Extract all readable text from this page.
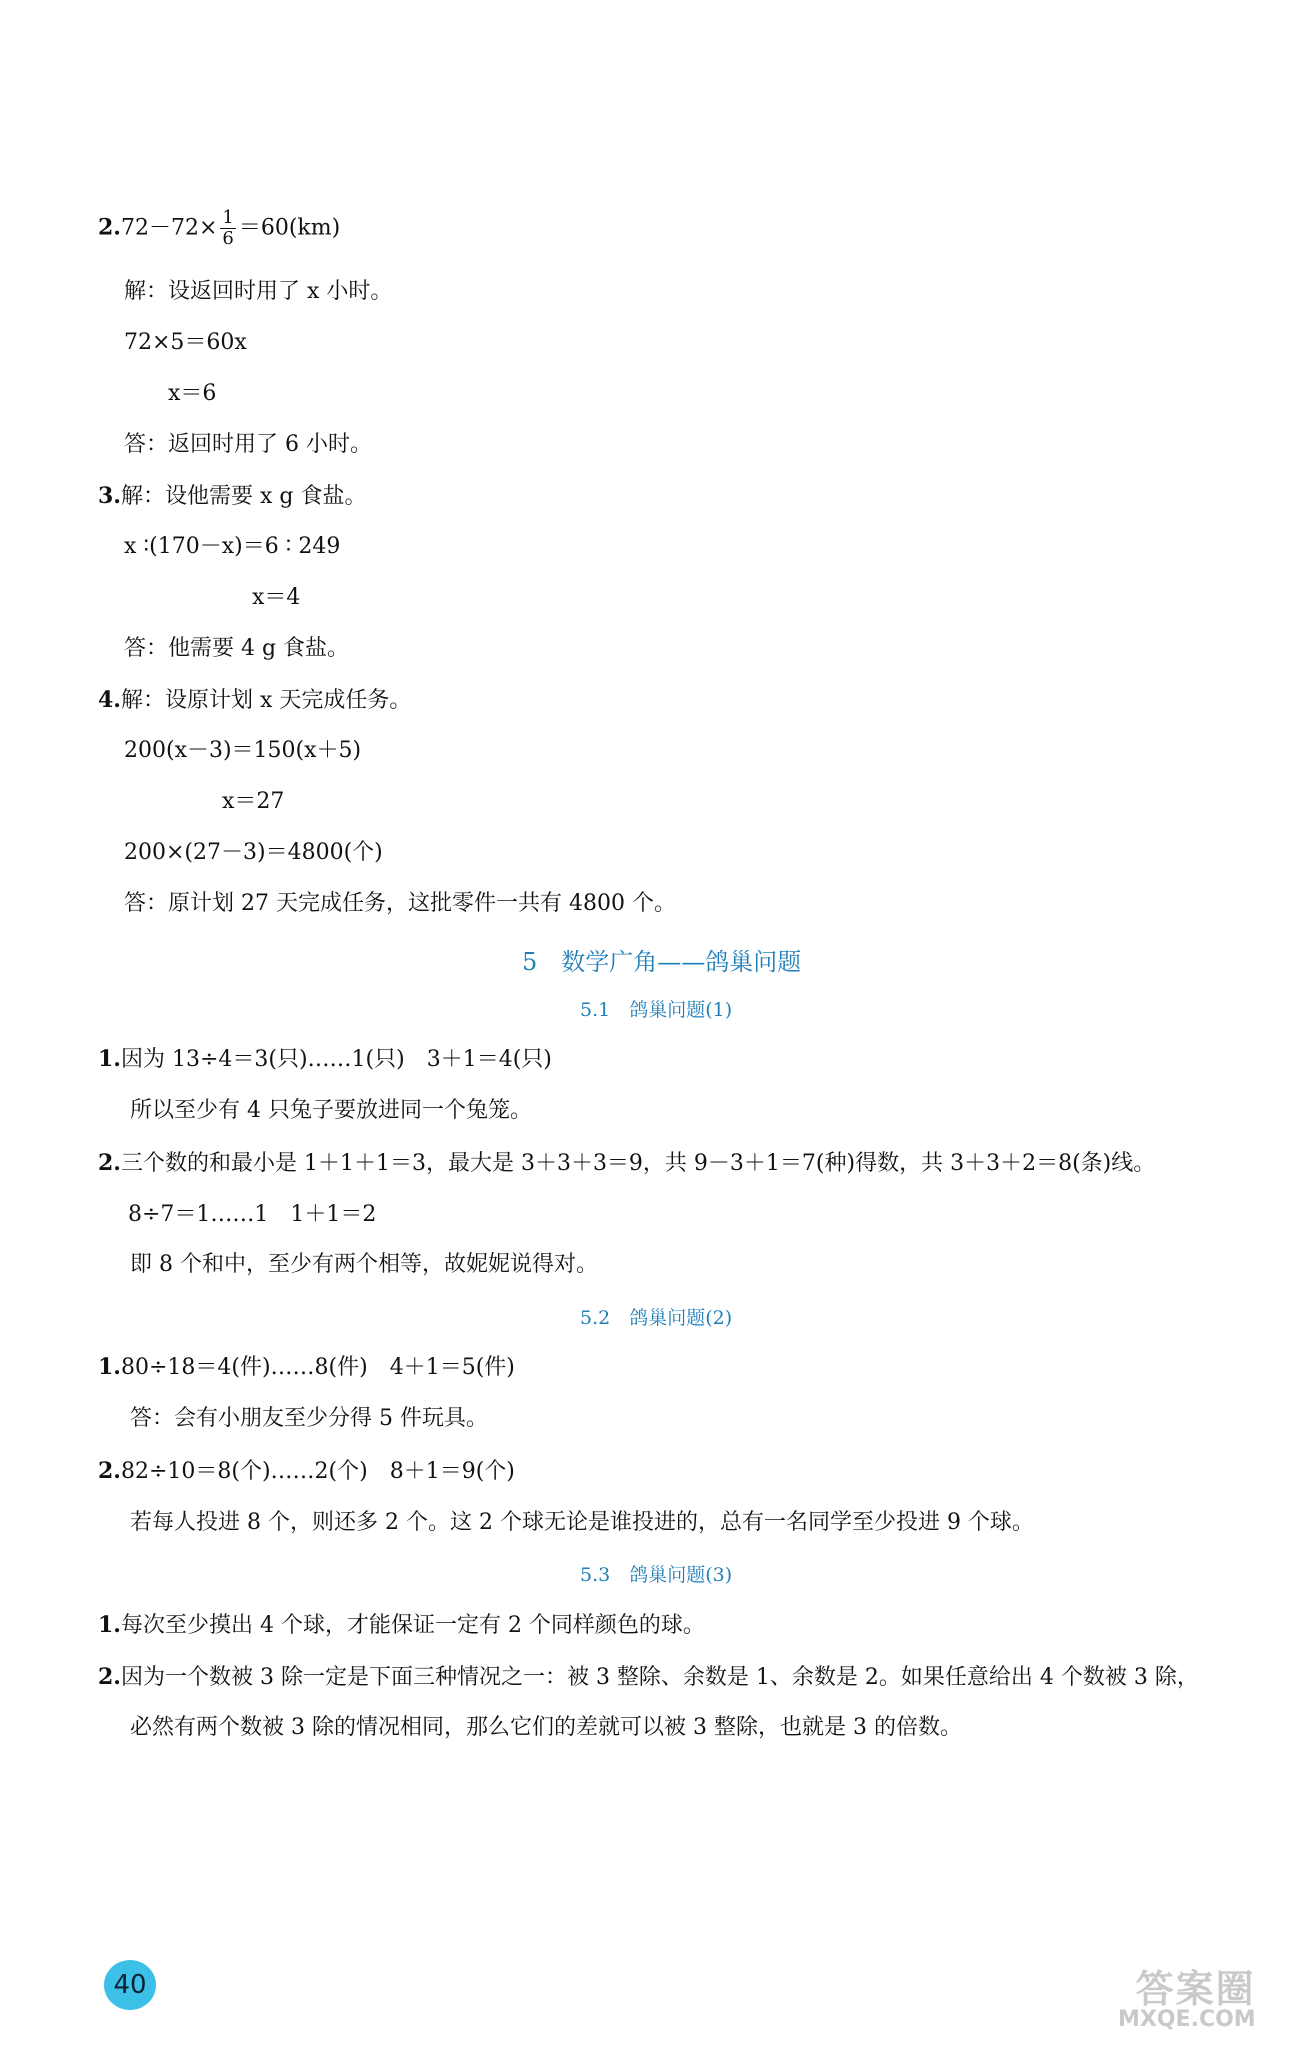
$2.72-72\times \frac{1}{6} =60(km)$
解：设返回时用了 x 小时。
72×5＝60x
x＝6
答：返回时用了 6 小时。
3.解：设他需要 x g 食盐。
x ∶(170－x)＝6 ∶ 249
x＝4
答：他需要 4 g 食盐。
4.解：设原计划 x 天完成任务。
200(x－3)＝150(x＋5)
x＝27
200×(27－3)＝4800(个)
答：原计划 27 天完成任务，这批零件一共有 4800 个。
5　数学广角——鸽巢问题
5.1　鸽巢问题(1)
1.因为 13÷4＝3(只)……1(只)　3＋1＝4(只)
所以至少有 4 只兔子要放进同一个兔笼。
2.三个数的和最小是 1＋1＋1＝3，最大是 3＋3＋3＝9，共 9－3＋1＝7(种)得数，共 3＋3＋2＝8(条)线。
8÷7＝1……1　1＋1＝2
即 8 个和中，至少有两个相等，故妮妮说得对。
5.2　鸽巢问题(2)
1.80÷18＝4(件)……8(件)　4＋1＝5(件)
答：会有小朋友至少分得 5 件玩具。
2.82÷10＝8(个)……2(个)　8＋1＝9(个)
若每人投进 8 个，则还多 2 个。这 2 个球无论是谁投进的，总有一名同学至少投进 9 个球。
5.3　鸽巢问题(3)
1.每次至少摸出 4 个球，才能保证一定有 2 个同样颜色的球。
2.因为一个数被 3 除一定是下面三种情况之一：被 3 整除、余数是 1、余数是 2。如果任意给出 4 个数被 3 除，
必然有两个数被 3 除的情况相同，那么它们的差就可以被 3 整除，也就是 3 的倍数。
40	答案圈
MXQE.COM
